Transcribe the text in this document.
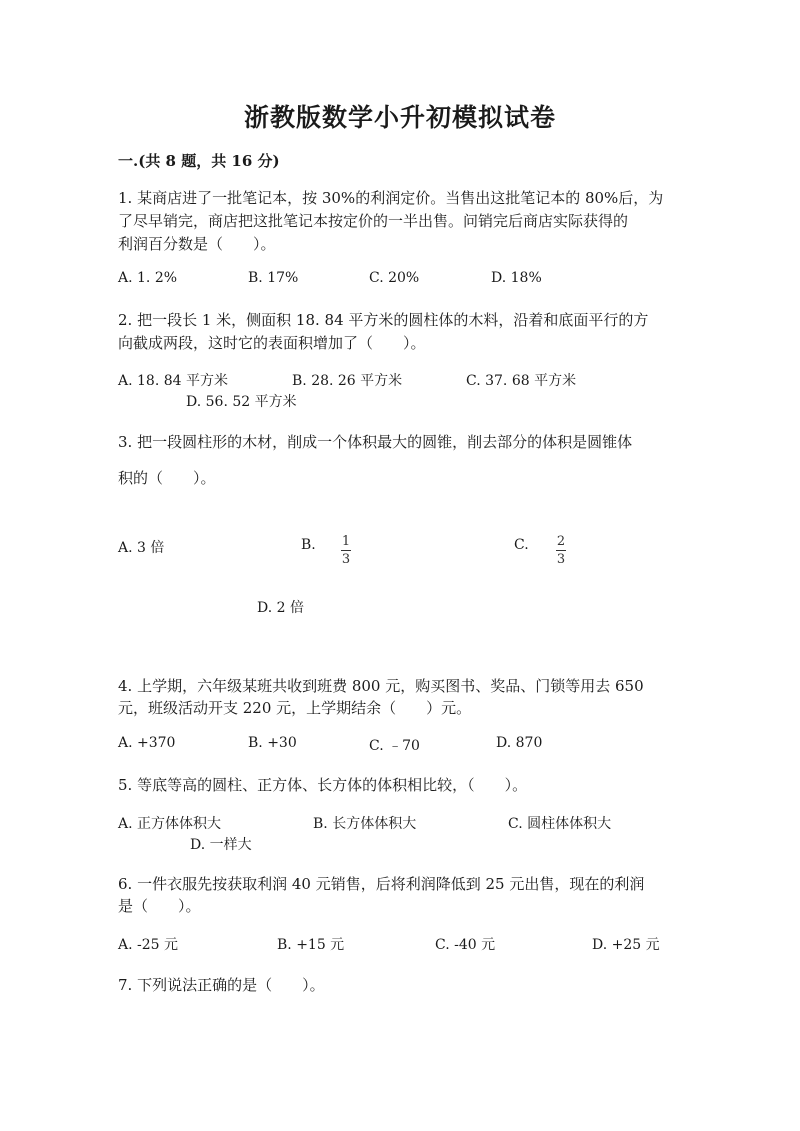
浙教版数学小升初模拟试卷
一.(共 8 题，共 16 分)
1. 某商店进了一批笔记本，按 30%的利润定价。当售出这批笔记本的 80%后，为
了尽早销完，商店把这批笔记本按定价的一半出售。问销完后商店实际获得的
利润百分数是（　　）。
A. 1. 2%	B. 17%	C. 20%	D. 18%
2. 把一段长 1 米，侧面积 18. 84 平方米的圆柱体的木料，沿着和底面平行的方
向截成两段，这时它的表面积增加了（　　）。
A. 18. 84 平方米	B. 28. 26 平方米	C. 37. 68 平方米
D. 56. 52 平方米
3. 把一段圆柱形的木材，削成一个体积最大的圆锥，削去部分的体积是圆锥体
积的（　　）。
A. 3 倍	B. $\frac{1}{3}$	C. $\frac{2}{3}$
D. 2 倍
4. 上学期，六年级某班共收到班费 800 元，购买图书、奖品、门锁等用去 650
元，班级活动开支 220 元，上学期结余（　　）元。
A. +370	B. +30	C. ﹣70	D. 870
5. 等底等高的圆柱、正方体、长方体的体积相比较，（　　）。
A. 正方体体积大	B. 长方体体积大	C. 圆柱体体积大
D. 一样大
6. 一件衣服先按获取利润 40 元销售，后将利润降低到 25 元出售，现在的利润
是（　　）。
A. -25 元	B. +15 元	C. -40 元	D. +25 元
7. 下列说法正确的是（　　）。
